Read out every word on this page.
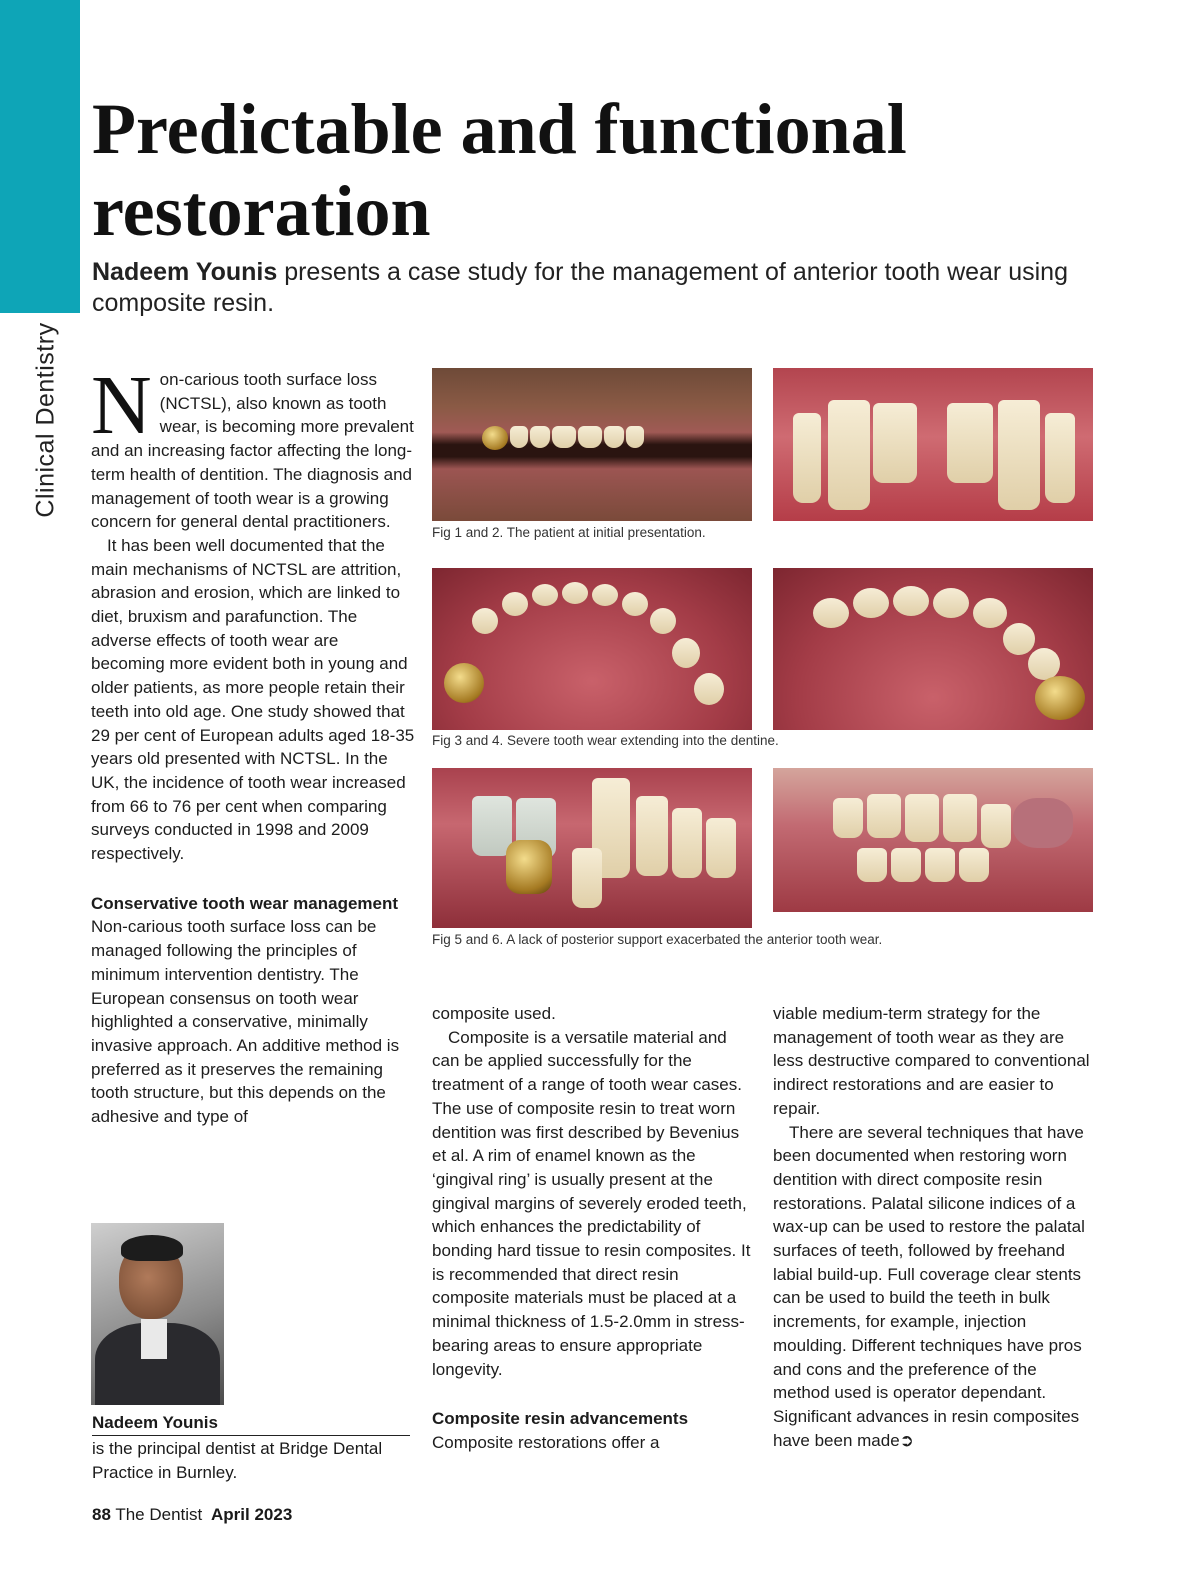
Clinical Dentistry
Predictable and functional restoration

Nadeem Younis presents a case study for the management of anterior tooth wear using composite resin.

Non-carious tooth surface loss (NCTSL), also known as tooth wear, is becoming more prevalent and an increasing factor affecting the long-term health of dentition. The diagnosis and management of tooth wear is a growing concern for general dental practitioners.

It has been well documented that the main mechanisms of NCTSL are attrition, abrasion and erosion, which are linked to diet, bruxism and parafunction. The adverse effects of tooth wear are becoming more evident both in young and older patients, as more people retain their teeth into old age. One study showed that 29 per cent of European adults aged 18-35 years old presented with NCTSL. In the UK, the incidence of tooth wear increased from 66 to 76 per cent when comparing surveys conducted in 1998 and 2009 respectively.

Conservative tooth wear management

Non-carious tooth surface loss can be managed following the principles of minimum intervention dentistry. The European consensus on tooth wear highlighted a conservative, minimally invasive approach. An additive method is preferred as it preserves the remaining tooth structure, but this depends on the adhesive and type of

Fig 1 and 2. The patient at initial presentation.
Fig 3 and 4. Severe tooth wear extending into the dentine.
Fig 5 and 6. A lack of posterior support exacerbated the anterior tooth wear.

composite used.

Composite is a versatile material and can be applied successfully for the treatment of a range of tooth wear cases. The use of composite resin to treat worn dentition was first described by Bevenius et al. A rim of enamel known as the ‘gingival ring’ is usually present at the gingival margins of severely eroded teeth, which enhances the predictability of bonding hard tissue to resin composites. It is recommended that direct resin composite materials must be placed at a minimal thickness of 1.5-2.0mm in stress-bearing areas to ensure appropriate longevity.

Composite resin advancements

Composite restorations offer a

viable medium-term strategy for the management of tooth wear as they are less destructive compared to conventional indirect restorations and are easier to repair.

There are several techniques that have been documented when restoring worn dentition with direct composite resin restorations. Palatal silicone indices of a wax-up can be used to restore the palatal surfaces of teeth, followed by freehand labial build-up. Full coverage clear stents can be used to build the teeth in bulk increments, for example, injection moulding. Different techniques have pros and cons and the preference of the method used is operator dependant. Significant advances in resin composites have been made➲

Nadeem Younis
is the principal dentist at Bridge Dental Practice in Burnley.
88 The Dentist April 2023
